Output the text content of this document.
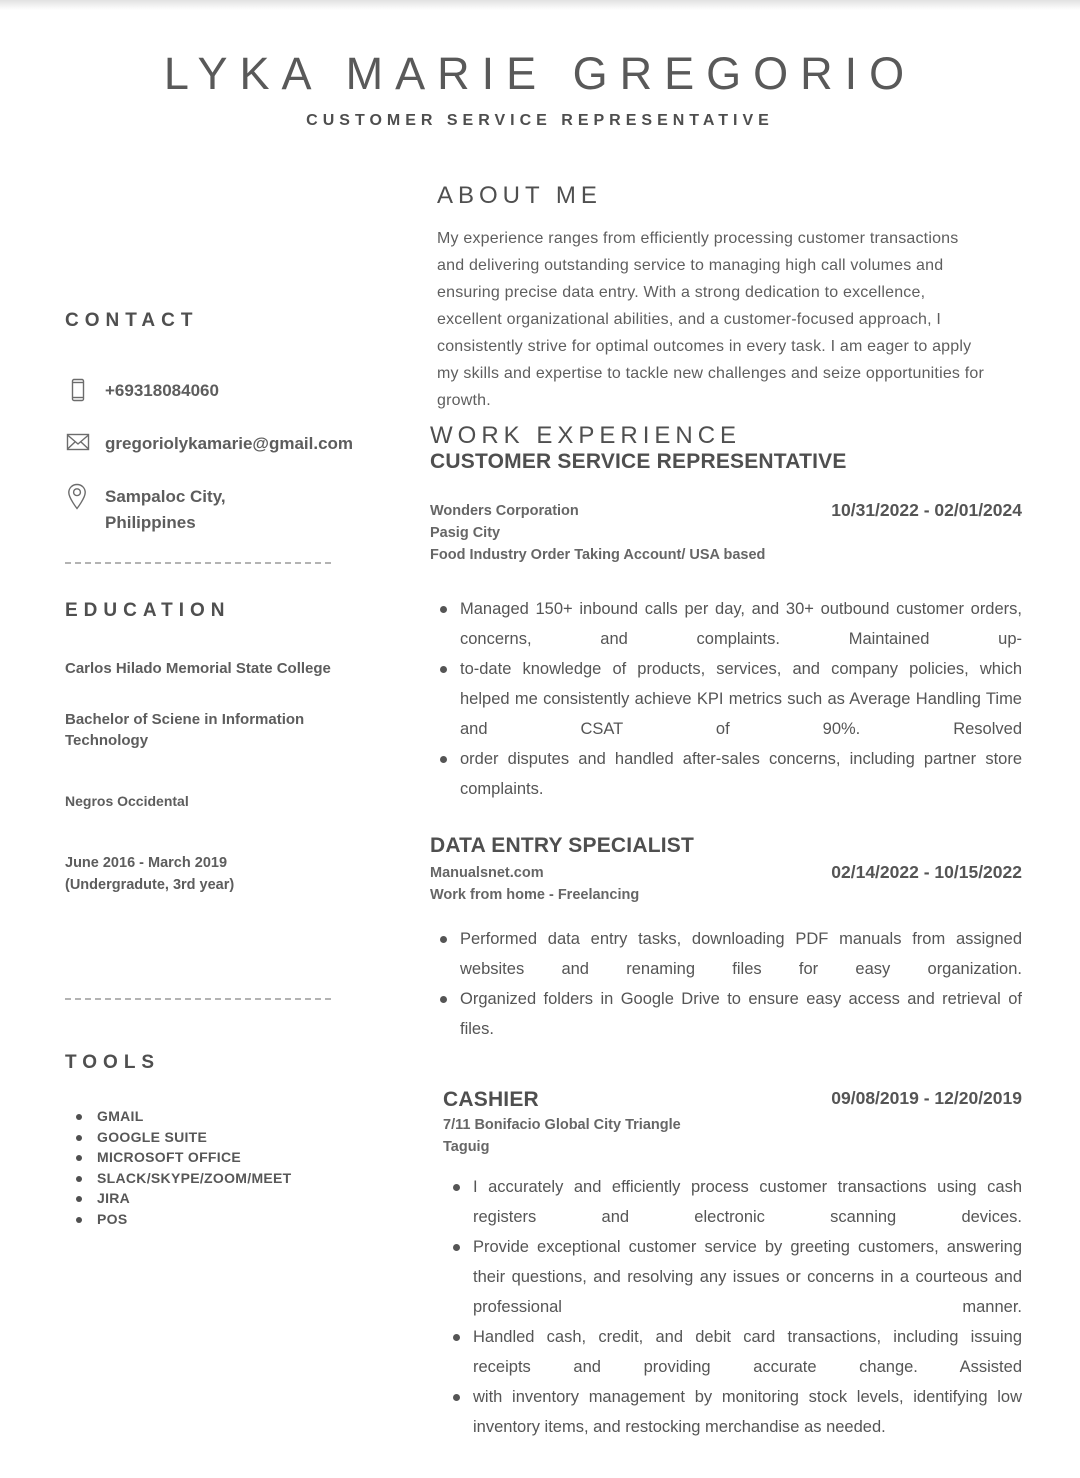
LYKA MARIE GREGORIO
CUSTOMER SERVICE REPRESENTATIVE
CONTACT
+69318084060
gregoriolykamarie@gmail.com
Sampaloc City,
Philippines
EDUCATION
Carlos Hilado Memorial State College
Bachelor of Sciene in Information Technology
Negros Occidental
June 2016 - March 2019
(Undergradute, 3rd year)
TOOLS
GMAIL
GOOGLE SUITE
MICROSOFT OFFICE
SLACK/SKYPE/ZOOM/MEET
JIRA
POS
ABOUT ME
My experience ranges from efficiently processing customer transactions and delivering outstanding service to managing high call volumes and ensuring precise data entry. With a strong dedication to excellence, excellent organizational abilities, and a customer-focused approach, I consistently strive for optimal outcomes in every task. I am eager to apply my skills and expertise to tackle new challenges and seize opportunities for growth.
WORK EXPERIENCE
CUSTOMER SERVICE REPRESENTATIVE
Wonders Corporation
Pasig City
Food Industry Order Taking Account/ USA based
10/31/2022 - 02/01/2024
Managed 150+ inbound calls per day, and 30+ outbound customer orders, concerns, and complaints. Maintained up-
to-date knowledge of products, services, and company policies, which helped me consistently achieve KPI metrics such as Average Handling Time and CSAT of 90%. Resolved
order disputes and handled after-sales concerns, including partner store complaints.
DATA ENTRY SPECIALIST
Manualsnet.com
Work from home - Freelancing
02/14/2022 - 10/15/2022
Performed data entry tasks, downloading PDF manuals from assigned websites and renaming files for easy organization.
Organized folders in Google Drive to ensure easy access and retrieval of files.
CASHIER	09/08/2019 - 12/20/2019
7/11 Bonifacio Global City Triangle
Taguig
I accurately and efficiently process customer transactions using cash registers and electronic scanning devices.
Provide exceptional customer service by greeting customers, answering their questions, and resolving any issues or concerns in a courteous and professional manner.
Handled cash, credit, and debit card transactions, including issuing receipts and providing accurate change. Assisted
with inventory management by monitoring stock levels, identifying low inventory items, and restocking merchandise as needed.
